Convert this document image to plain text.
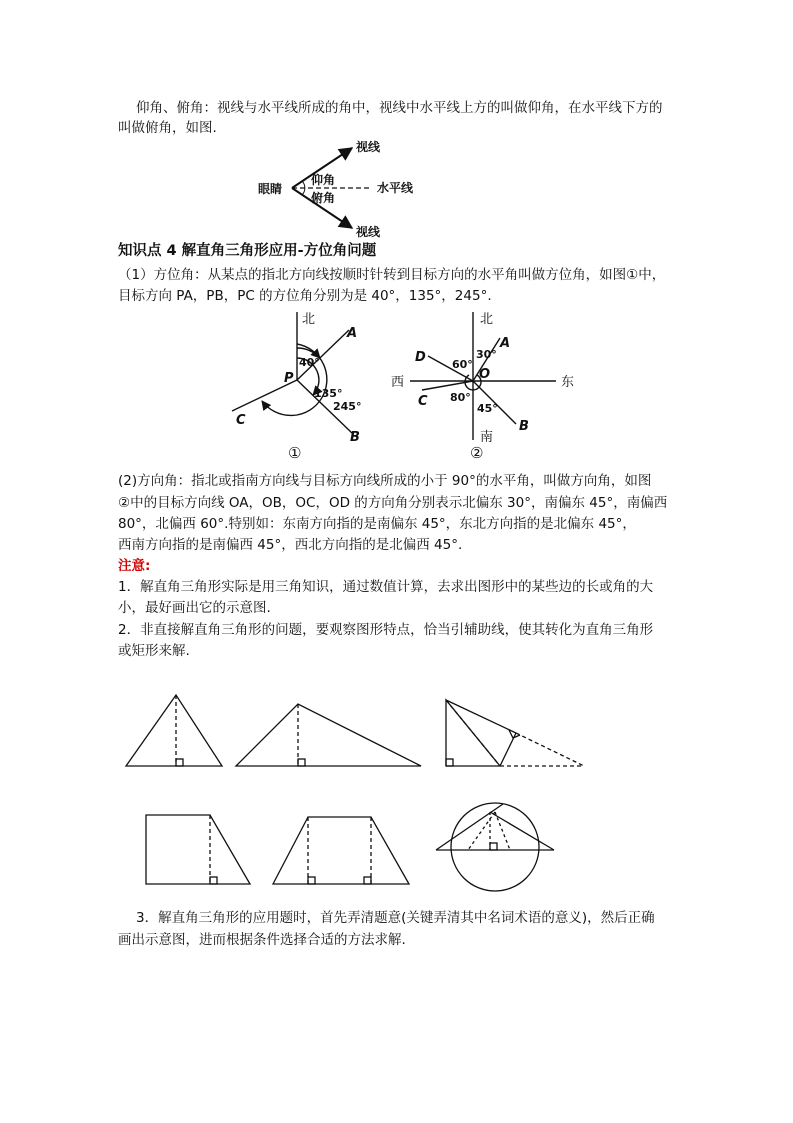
仰角、俯角：视线与水平线所成的角中，视线中水平线上方的叫做仰角，在水平线下方的
叫做俯角，如图.
知识点 4 解直角三角形应用-方位角问题
（1）方位角：从某点的指北方向线按顺时针转到目标方向的水平角叫做方位角，如图①中，
目标方向 PA，PB，PC 的方位角分别为是 40°，135°，245°.
(2)方向角：指北或指南方向线与目标方向线所成的小于 90°的水平角，叫做方向角，如图
②中的目标方向线 OA，OB，OC，OD 的方向角分别表示北偏东 30°，南偏东 45°，南偏西
80°，北偏西 60°.特别如：东南方向指的是南偏东 45°，东北方向指的是北偏东 45°，
西南方向指的是南偏西 45°，西北方向指的是北偏西 45°.
注意:
1．解直角三角形实际是用三角知识，通过数值计算，去求出图形中的某些边的长或角的大
小，最好画出它的示意图.
2．非直接解直角三角形的问题，要观察图形特点，恰当引辅助线，使其转化为直角三角形
或矩形来解.
3．解直角三角形的应用题时，首先弄清题意(关键弄清其中名词术语的意义)，然后正确
画出示意图，进而根据条件选择合适的方法求解.
眼睛
视线
视线
仰角
俯角
水平线
北
A
B
C
P
40°
135°
245°
①
北
南
东
西
A
B
C
D
O
30°
60°
80°
45°
②
